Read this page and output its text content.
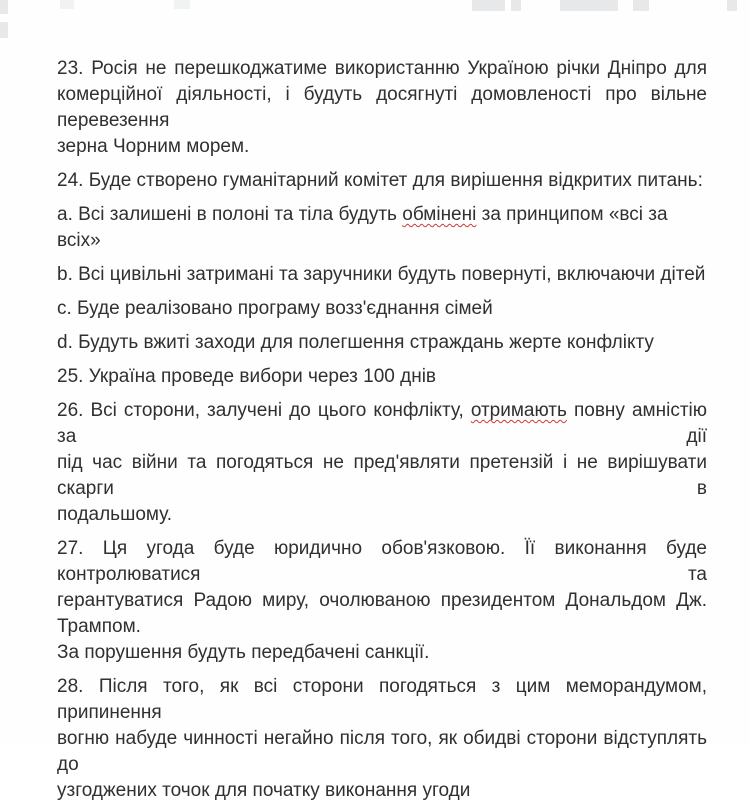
23. Росія не перешкоджатиме використанню Україною річки Дніпро для
комерційної діяльності, і будуть досягнуті домовленості про вільне перевезення
зерна Чорним морем.
24. Буде створено гуманітарний комітет для вирішення відкритих питань:
a. Всі залишені в полоні та тіла будуть обмінені за принципом «всі за всіх»
b. Всі цивільні затримані та заручники будуть повернуті, включаючи дітей
c. Буде реалізовано програму возз'єднання сімей
d. Будуть вжиті заходи для полегшення страждань жерте конфлікту
25. Україна проведе вибори через 100 днів
26. Всі сторони, залучені до цього конфлікту, отримають повну амністію за дії
під час війни та погодяться не пред'являти претензій і не вирішувати скарги в
подальшому.
27. Ця угода буде юридично обов'язковою. Її виконання буде контролюватися та
герантуватися Радою миру, очолюваною президентом Дональдом Дж. Трампом.
За порушення будуть передбачені санкції.
28. Після того, як всі сторони погодяться з цим меморандумом, припинення
вогню набуде чинності негайно після того, як обидві сторони відступлять до
узгоджених точок для початку виконання угоди
